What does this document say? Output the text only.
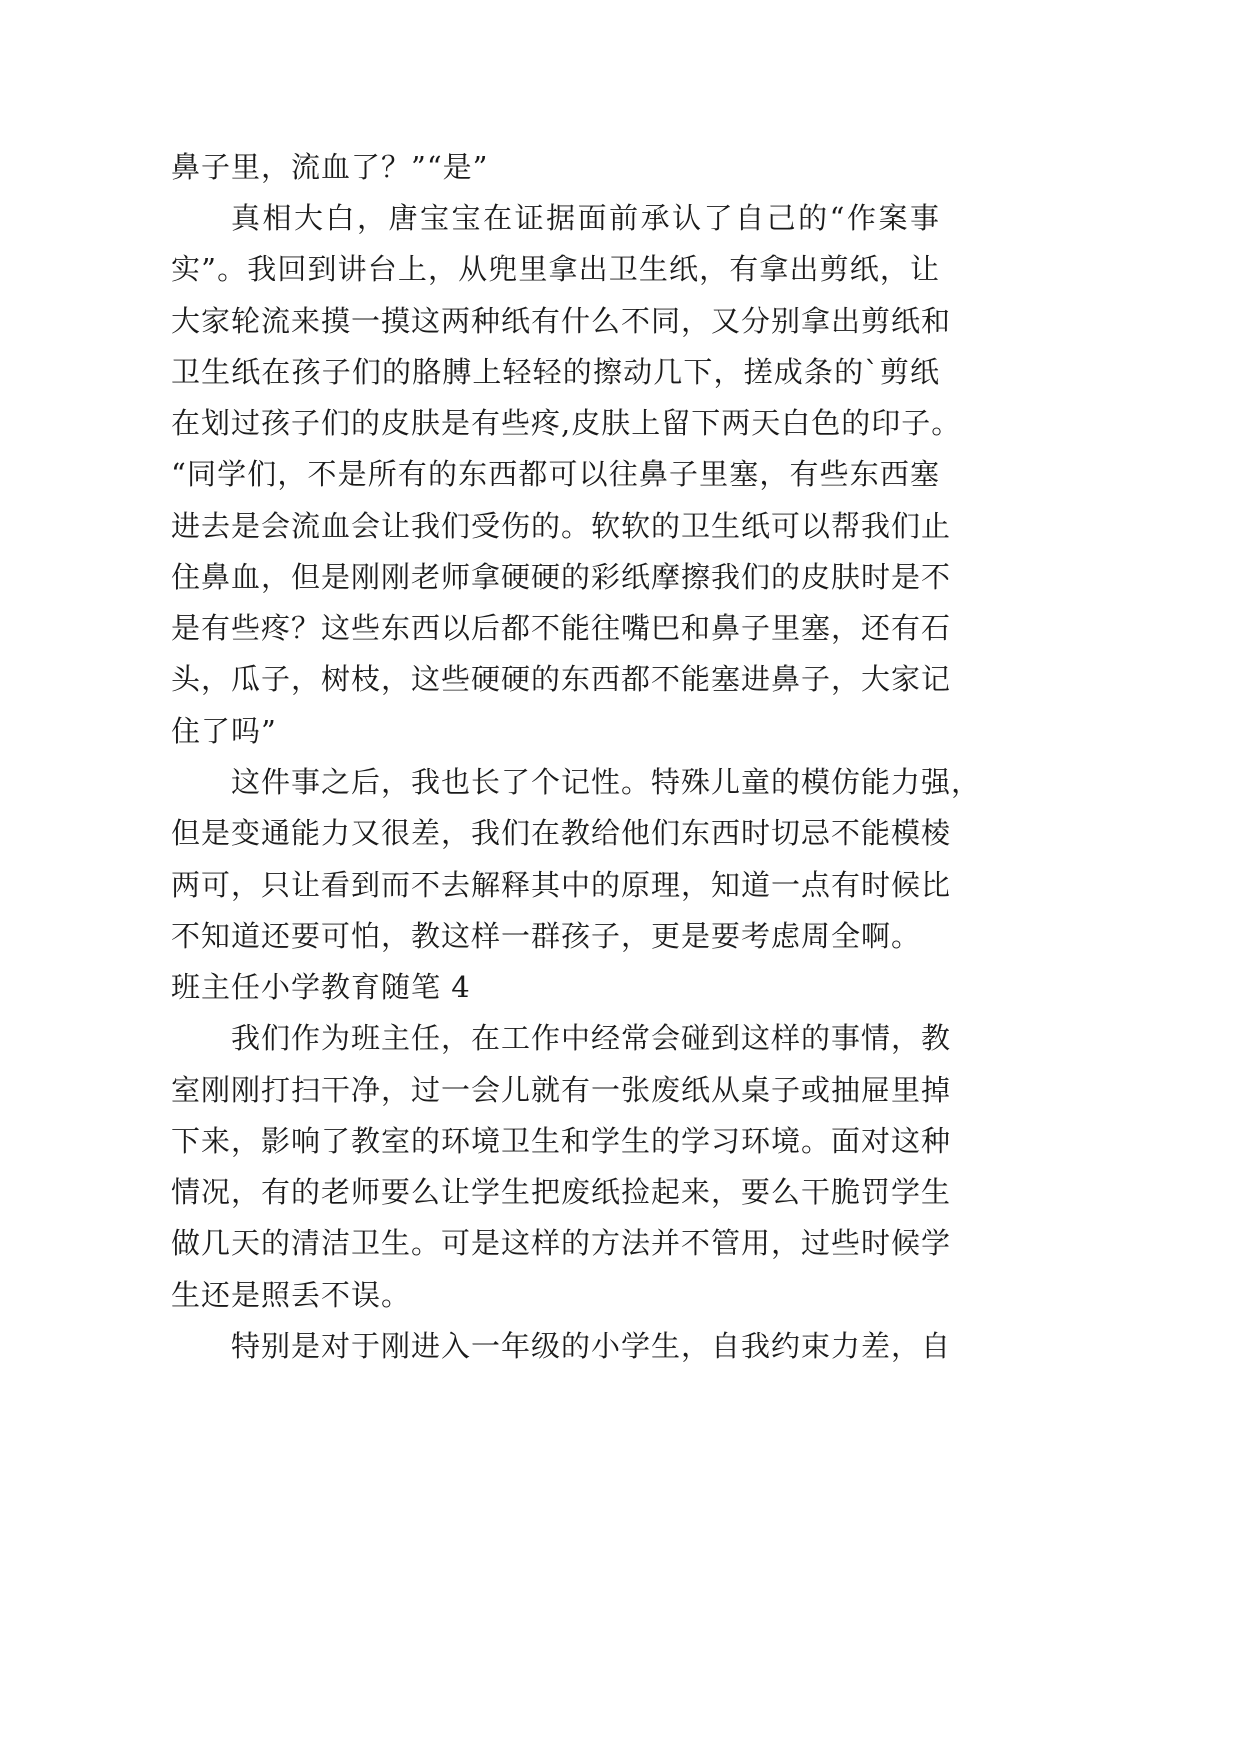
鼻子里，流血了？”“是”

真相大白，唐宝宝在证据面前承认了自己的“作案事

实”。我回到讲台上，从兜里拿出卫生纸，有拿出剪纸，让

大家轮流来摸一摸这两种纸有什么不同，又分别拿出剪纸和

卫生纸在孩子们的胳膊上轻轻的擦动几下，搓成条的`剪纸

在划过孩子们的皮肤是有些疼,皮肤上留下两天白色的印子。

“同学们，不是所有的东西都可以往鼻子里塞，有些东西塞

进去是会流血会让我们受伤的。软软的卫生纸可以帮我们止

住鼻血，但是刚刚老师拿硬硬的彩纸摩擦我们的皮肤时是不

是有些疼？这些东西以后都不能往嘴巴和鼻子里塞，还有石

头，瓜子，树枝，这些硬硬的东西都不能塞进鼻子，大家记

住了吗”

这件事之后，我也长了个记性。特殊儿童的模仿能力强，

但是变通能力又很差，我们在教给他们东西时切忌不能模棱

两可，只让看到而不去解释其中的原理，知道一点有时候比

不知道还要可怕，教这样一群孩子，更是要考虑周全啊。

班主任小学教育随笔 4

我们作为班主任，在工作中经常会碰到这样的事情，教

室刚刚打扫干净，过一会儿就有一张废纸从桌子或抽屉里掉

下来，影响了教室的环境卫生和学生的学习环境。面对这种

情况，有的老师要么让学生把废纸捡起来，要么干脆罚学生

做几天的清洁卫生。可是这样的方法并不管用，过些时候学

生还是照丢不误。

特别是对于刚进入一年级的小学生，自我约束力差，自
